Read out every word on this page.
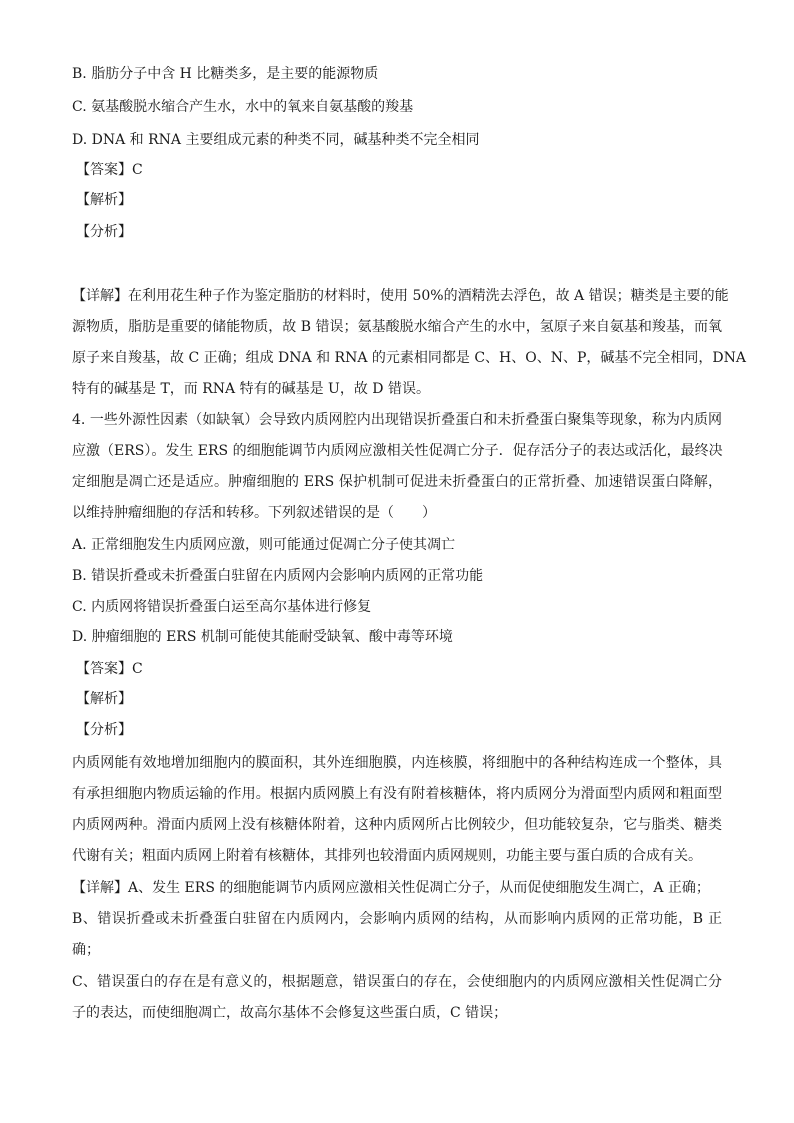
B. 脂肪分子中含 H 比糖类多，是主要的能源物质
C. 氨基酸脱水缩合产生水，水中的氧来自氨基酸的羧基
D. DNA 和 RNA 主要组成元素的种类不同，碱基种类不完全相同
【答案】C
【解析】
【分析】
【详解】在利用花生种子作为鉴定脂肪的材料时，使用 50%的酒精洗去浮色，故 A 错误；糖类是主要的能
源物质，脂肪是重要的储能物质，故 B 错误；氨基酸脱水缩合产生的水中，氢原子来自氨基和羧基，而氧
原子来自羧基，故 C 正确；组成 DNA 和 RNA 的元素相同都是 C、H、O、N、P，碱基不完全相同，DNA
特有的碱基是 T，而 RNA 特有的碱基是 U，故 D 错误。
4. 一些外源性因素（如缺氧）会导致内质网腔内出现错误折叠蛋白和未折叠蛋白聚集等现象，称为内质网
应激（ERS）。发生 ERS 的细胞能调节内质网应激相关性促凋亡分子．促存活分子的表达或活化，最终决
定细胞是凋亡还是适应。肿瘤细胞的 ERS 保护机制可促进未折叠蛋白的正常折叠、加速错误蛋白降解，
以维持肿瘤细胞的存活和转移。下列叙述错误的是（　　）
A. 正常细胞发生内质网应激，则可能通过促凋亡分子使其凋亡
B. 错误折叠或未折叠蛋白驻留在内质网内会影响内质网的正常功能
C. 内质网将错误折叠蛋白运至高尔基体进行修复
D. 肿瘤细胞的 ERS 机制可能使其能耐受缺氧、酸中毒等环境
【答案】C
【解析】
【分析】
内质网能有效地增加细胞内的膜面积，其外连细胞膜，内连核膜，将细胞中的各种结构连成一个整体，具
有承担细胞内物质运输的作用。根据内质网膜上有没有附着核糖体，将内质网分为滑面型内质网和粗面型
内质网两种。滑面内质网上没有核糖体附着，这种内质网所占比例较少，但功能较复杂，它与脂类、糖类
代谢有关；粗面内质网上附着有核糖体，其排列也较滑面内质网规则，功能主要与蛋白质的合成有关。
【详解】A、发生 ERS 的细胞能调节内质网应激相关性促凋亡分子，从而促使细胞发生凋亡，A 正确；
B、错误折叠或未折叠蛋白驻留在内质网内，会影响内质网的结构，从而影响内质网的正常功能，B 正
确；
C、错误蛋白的存在是有意义的，根据题意，错误蛋白的存在，会使细胞内的内质网应激相关性促凋亡分
子的表达，而使细胞凋亡，故高尔基体不会修复这些蛋白质，C 错误；
